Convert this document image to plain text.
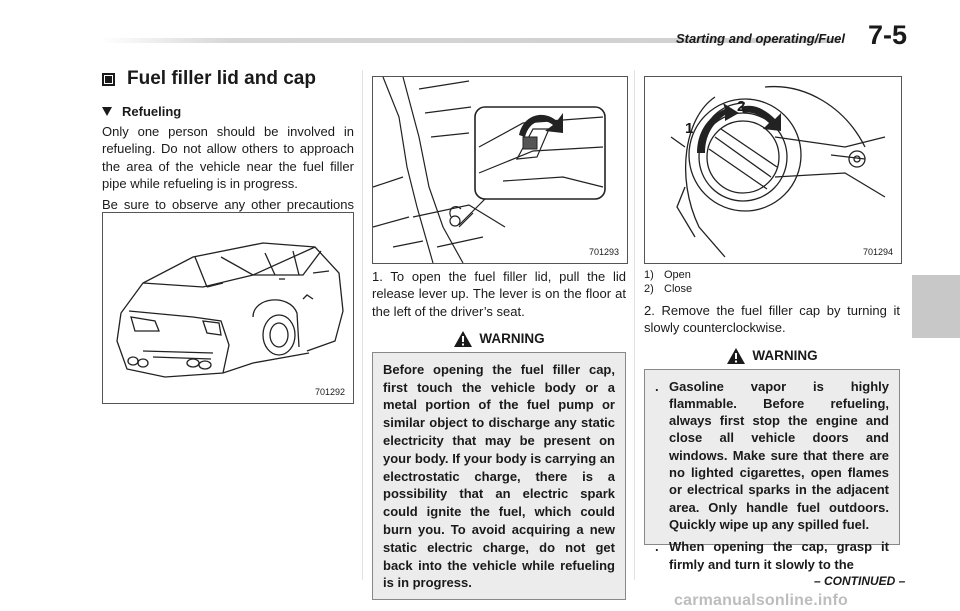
Starting and operating/Fuel 7-5
Fuel filler lid and cap
Refueling

Only one person should be involved in refueling. Do not allow others to approach the area of the vehicle near the fuel filler pipe while refueling is in progress.

Be sure to observe any other precautions

701292
701293

1. To open the fuel filler lid, pull the lid release lever up. The lever is on the floor at the left of the driver’s seat.

WARNING
Before opening the fuel filler cap, first touch the vehicle body or a metal portion of the fuel pump or similar object to discharge any static electricity that may be present on your body. If your body is carrying an electrostatic charge, there is a possibility that an electric spark could ignite the fuel, which could burn you. To avoid acquiring a new static electric charge, do not get back into the vehicle while refueling is in progress.
1
2
701294
1) Open
2) Close

2. Remove the fuel filler cap by turning it slowly counterclockwise.

WARNING
. Gasoline vapor is highly flammable. Before refueling, always first stop the engine and close all vehicle doors and windows. Make sure that there are no lighted cigarettes, open flames or electrical sparks in the adjacent area. Only handle fuel outdoors. Quickly wipe up any spilled fuel.
. When opening the cap, grasp it firmly and turn it slowly to the
– CONTINUED –
carmanualsonline.info
